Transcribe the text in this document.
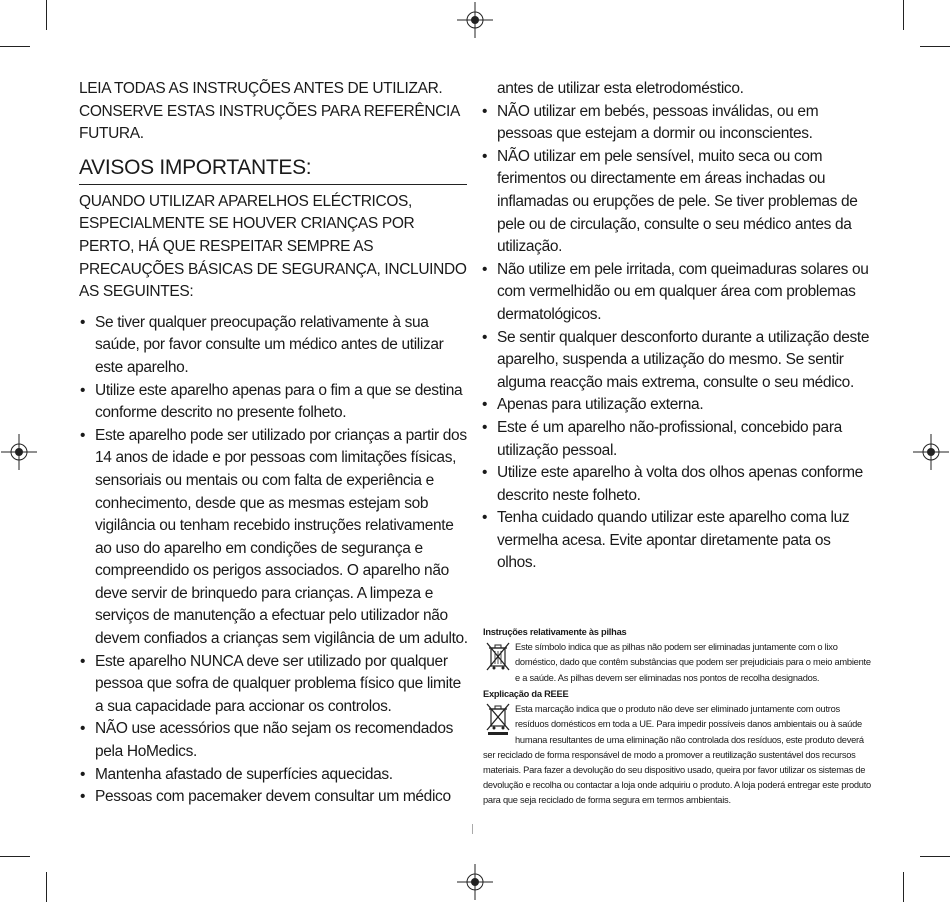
LEIA TODAS AS INSTRUÇÕES ANTES DE UTILIZAR.

CONSERVE ESTAS INSTRUÇÕES PARA REFERÊNCIA

FUTURA.

AVISOS IMPORTANTES:

QUANDO UTILIZAR APARELHOS ELÉCTRICOS, ESPECIALMENTE SE HOUVER CRIANÇAS POR PERTO, HÁ QUE RESPEITAR SEMPRE AS PRECAUÇÕES BÁSICAS DE SEGURANÇA, INCLUINDO AS SEGUINTES:

• Se tiver qualquer preocupação relativamente à sua saúde, por favor consulte um médico antes de utilizar este aparelho.
• Utilize este aparelho apenas para o fim a que se destina conforme descrito no presente folheto.
• Este aparelho pode ser utilizado por crianças a partir dos 14 anos de idade e por pessoas com limitações físicas, sensoriais ou mentais ou com falta de experiência e conhecimento, desde que as mesmas estejam sob vigilância ou tenham recebido instruções relativamente ao uso do aparelho em condições de segurança e compreendido os perigos associados. O aparelho não deve servir de brinquedo para crianças. A limpeza e serviços de manutenção a efectuar pelo utilizador não devem confiados a crianças sem vigilância de um adulto.
• Este aparelho NUNCA deve ser utilizado por qualquer pessoa que sofra de qualquer problema físico que limite a sua capacidade para accionar os controlos.
• NÃO use acessórios que não sejam os recomendados pela HoMedics.
• Mantenha afastado de superfícies aquecidas.
• Pessoas com pacemaker devem consultar um médico

antes de utilizar esta eletrodoméstico.

• NÃO utilizar em bebés, pessoas inválidas, ou em pessoas que estejam a dormir ou inconscientes.
• NÃO utilizar em pele sensível, muito seca ou com ferimentos ou directamente em áreas inchadas ou inflamadas ou erupções de pele. Se tiver problemas de pele ou de circulação, consulte o seu médico antes da utilização.
• Não utilize em pele irritada, com queimaduras solares ou com vermelhidão ou em qualquer área com problemas dermatológicos.
• Se sentir qualquer desconforto durante a utilização deste aparelho, suspenda a utilização do mesmo. Se sentir alguma reacção mais extrema, consulte o seu médico.
• Apenas para utilização externa.
• Este é um aparelho não-profissional, concebido para utilização pessoal.
• Utilize este aparelho à volta dos olhos apenas conforme descrito neste folheto.
• Tenha cuidado quando utilizar este aparelho coma luz vermelha acesa. Evite apontar diretamente pata os olhos.
Instruções relativamente às pilhas

Este símbolo indica que as pilhas não podem ser eliminadas juntamente com o lixo doméstico, dado que contêm substâncias que podem ser prejudiciais para o meio ambiente e a saúde. As pilhas devem ser eliminadas nos pontos de recolha designados.

Explicação da REEE

Esta marcação indica que o produto não deve ser eliminado juntamente com outros resíduos domésticos em toda a UE. Para impedir possíveis danos ambientais ou à saúde humana resultantes de uma eliminação não controlada dos resíduos, este produto deverá ser reciclado de forma responsável de modo a promover a reutilização sustentável dos recursos materiais. Para fazer a devolução do seu dispositivo usado, queira por favor utilizar os sistemas de devolução e recolha ou contactar a loja onde adquiriu o produto. A loja poderá entregar este produto para que seja reciclado de forma segura em termos ambientais.
